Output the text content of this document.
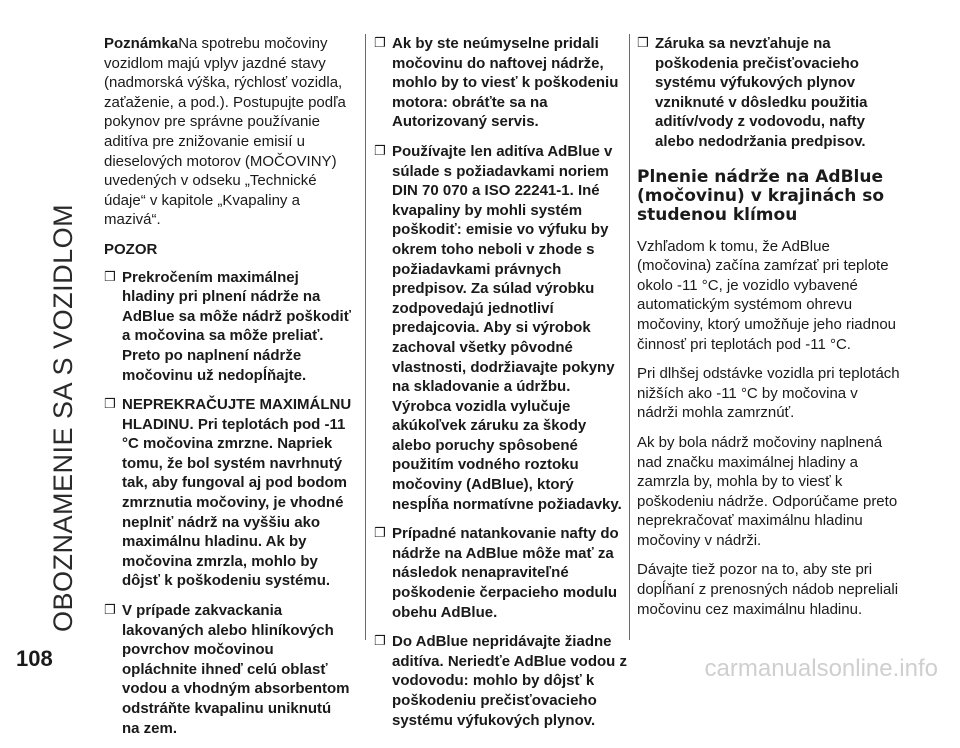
OBOZNAMENIE SA S VOZIDLOM
108	carmanualsonline.info

PoznámkaNa spotrebu močoviny vozidlom majú vplyv jazdné stavy (nadmorská výška, rýchlosť vozidla, zaťaženie, a pod.). Postupujte podľa pokynov pre správne používanie aditíva pre znižovanie emisií u dieselových motorov (MOČOVINY) uvedených v odseku „Technické údaje“ v kapitole „Kvapaliny a mazivá“.

POZOR

❒ Prekročením maximálnej hladiny pri plnení nádrže na AdBlue sa môže nádrž poškodiť a močovina sa môže preliať. Preto po naplnení nádrže močovinu už nedopĺňajte.
❒ NEPREKRAČUJTE MAXIMÁLNU HLADINU. Pri teplotách pod -11 °C močovina zmrzne. Napriek tomu, že bol systém navrhnutý tak, aby fungoval aj pod bodom zmrznutia močoviny, je vhodné neplniť nádrž na vyššiu ako maximálnu hladinu. Ak by močovina zmrzla, mohlo by dôjsť k poškodeniu systému.
❒ V prípade zakvackania lakovaných alebo hliníkových povrchov močovinou opláchnite ihneď celú oblasť vodou a vhodným absorbentom odstráňte kvapalinu uniknutú na zem.
❒ Ak by ste neúmyselne pridali močovinu do naftovej nádrže, mohlo by to viesť k poškodeniu motora: obráťte sa na Autorizovaný servis.
❒ Používajte len aditíva AdBlue v súlade s požiadavkami noriem DIN 70 070 a ISO 22241-1. Iné kvapaliny by mohli systém poškodiť: emisie vo výfuku by okrem toho neboli v zhode s požiadavkami právnych predpisov. Za súlad výrobku zodpovedajú jednotliví predajcovia. Aby si výrobok zachoval všetky pôvodné vlastnosti, dodržiavajte pokyny na skladovanie a údržbu. Výrobca vozidla vylučuje akúkoľvek záruku za škody alebo poruchy spôsobené použitím vodného roztoku močoviny (AdBlue), ktorý nespĺňa normatívne požiadavky.
❒ Prípadné natankovanie nafty do nádrže na AdBlue môže mať za následok nenapraviteľné poškodenie čerpacieho modulu obehu AdBlue.
❒ Do AdBlue nepridávajte žiadne aditíva. Neriedťe AdBlue vodou z vodovodu: mohlo by dôjsť k poškodeniu prečisťovacieho systému výfukových plynov.
❒ Záruka sa nevzťahuje na poškodenia prečisťovacieho systému výfukových plynov vzniknuté v dôsledku použitia aditív/vody z vodovodu, nafty alebo nedodržania predpisov.
Plnenie nádrže na AdBlue (močovinu) v krajinách so studenou klímou

Vzhľadom k tomu, že AdBlue (močovina) začína zamŕzať pri teplote okolo -11 °C, je vozidlo vybavené automatickým systémom ohrevu močoviny, ktorý umožňuje jeho riadnou činnosť pri teplotách pod -11 °C.

Pri dlhšej odstávke vozidla pri teplotách nižších ako -11 °C by močovina v nádrži mohla zamrznúť.

Ak by bola nádrž močoviny naplnená nad značku maximálnej hladiny a zamrzla by, mohla by to viesť k poškodeniu nádrže. Odporúčame preto neprekračovať maximálnu hladinu močoviny v nádrži.

Dávajte tiež pozor na to, aby ste pri dopĺňaní z prenosných nádob nepreliali močovinu cez maximálnu hladinu.
